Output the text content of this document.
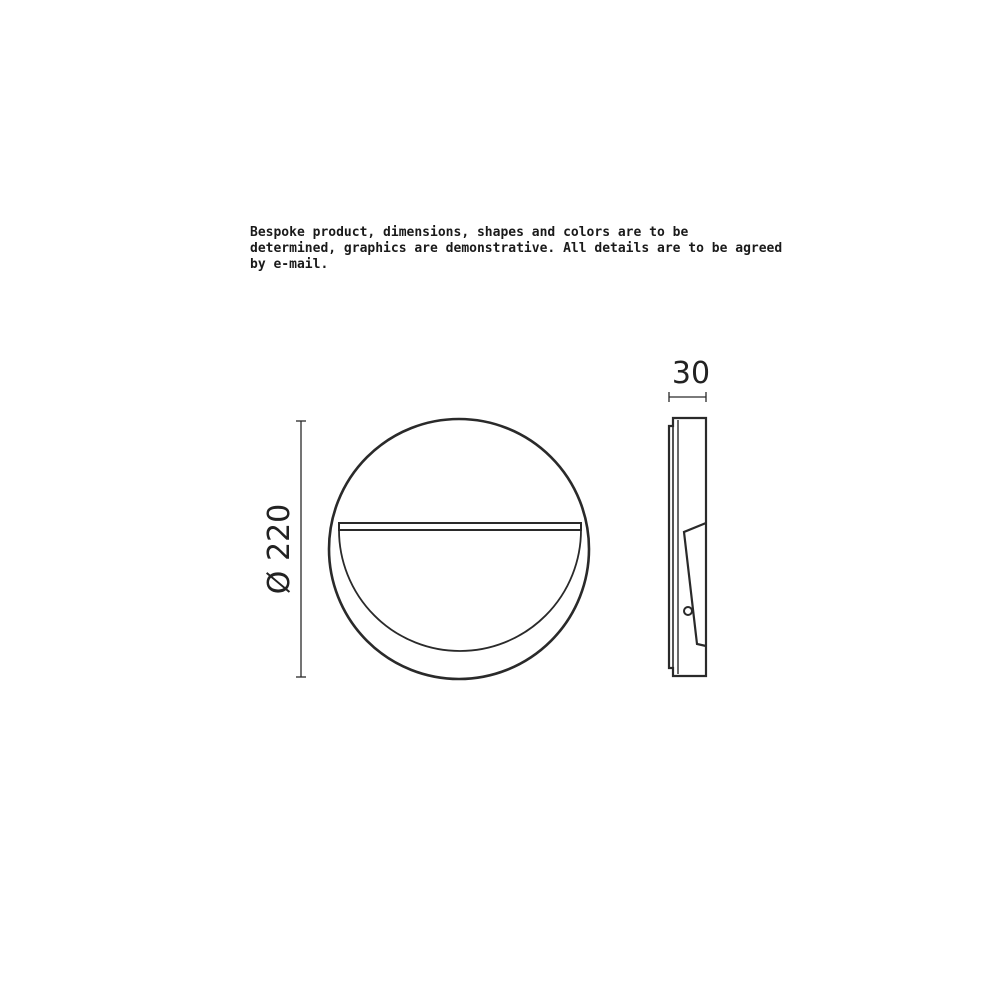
Bespoke product, dimensions, shapes and colors are to be
determined, graphics are demonstrative. All details are to be agreed
by e-mail.
Ø 220
30
